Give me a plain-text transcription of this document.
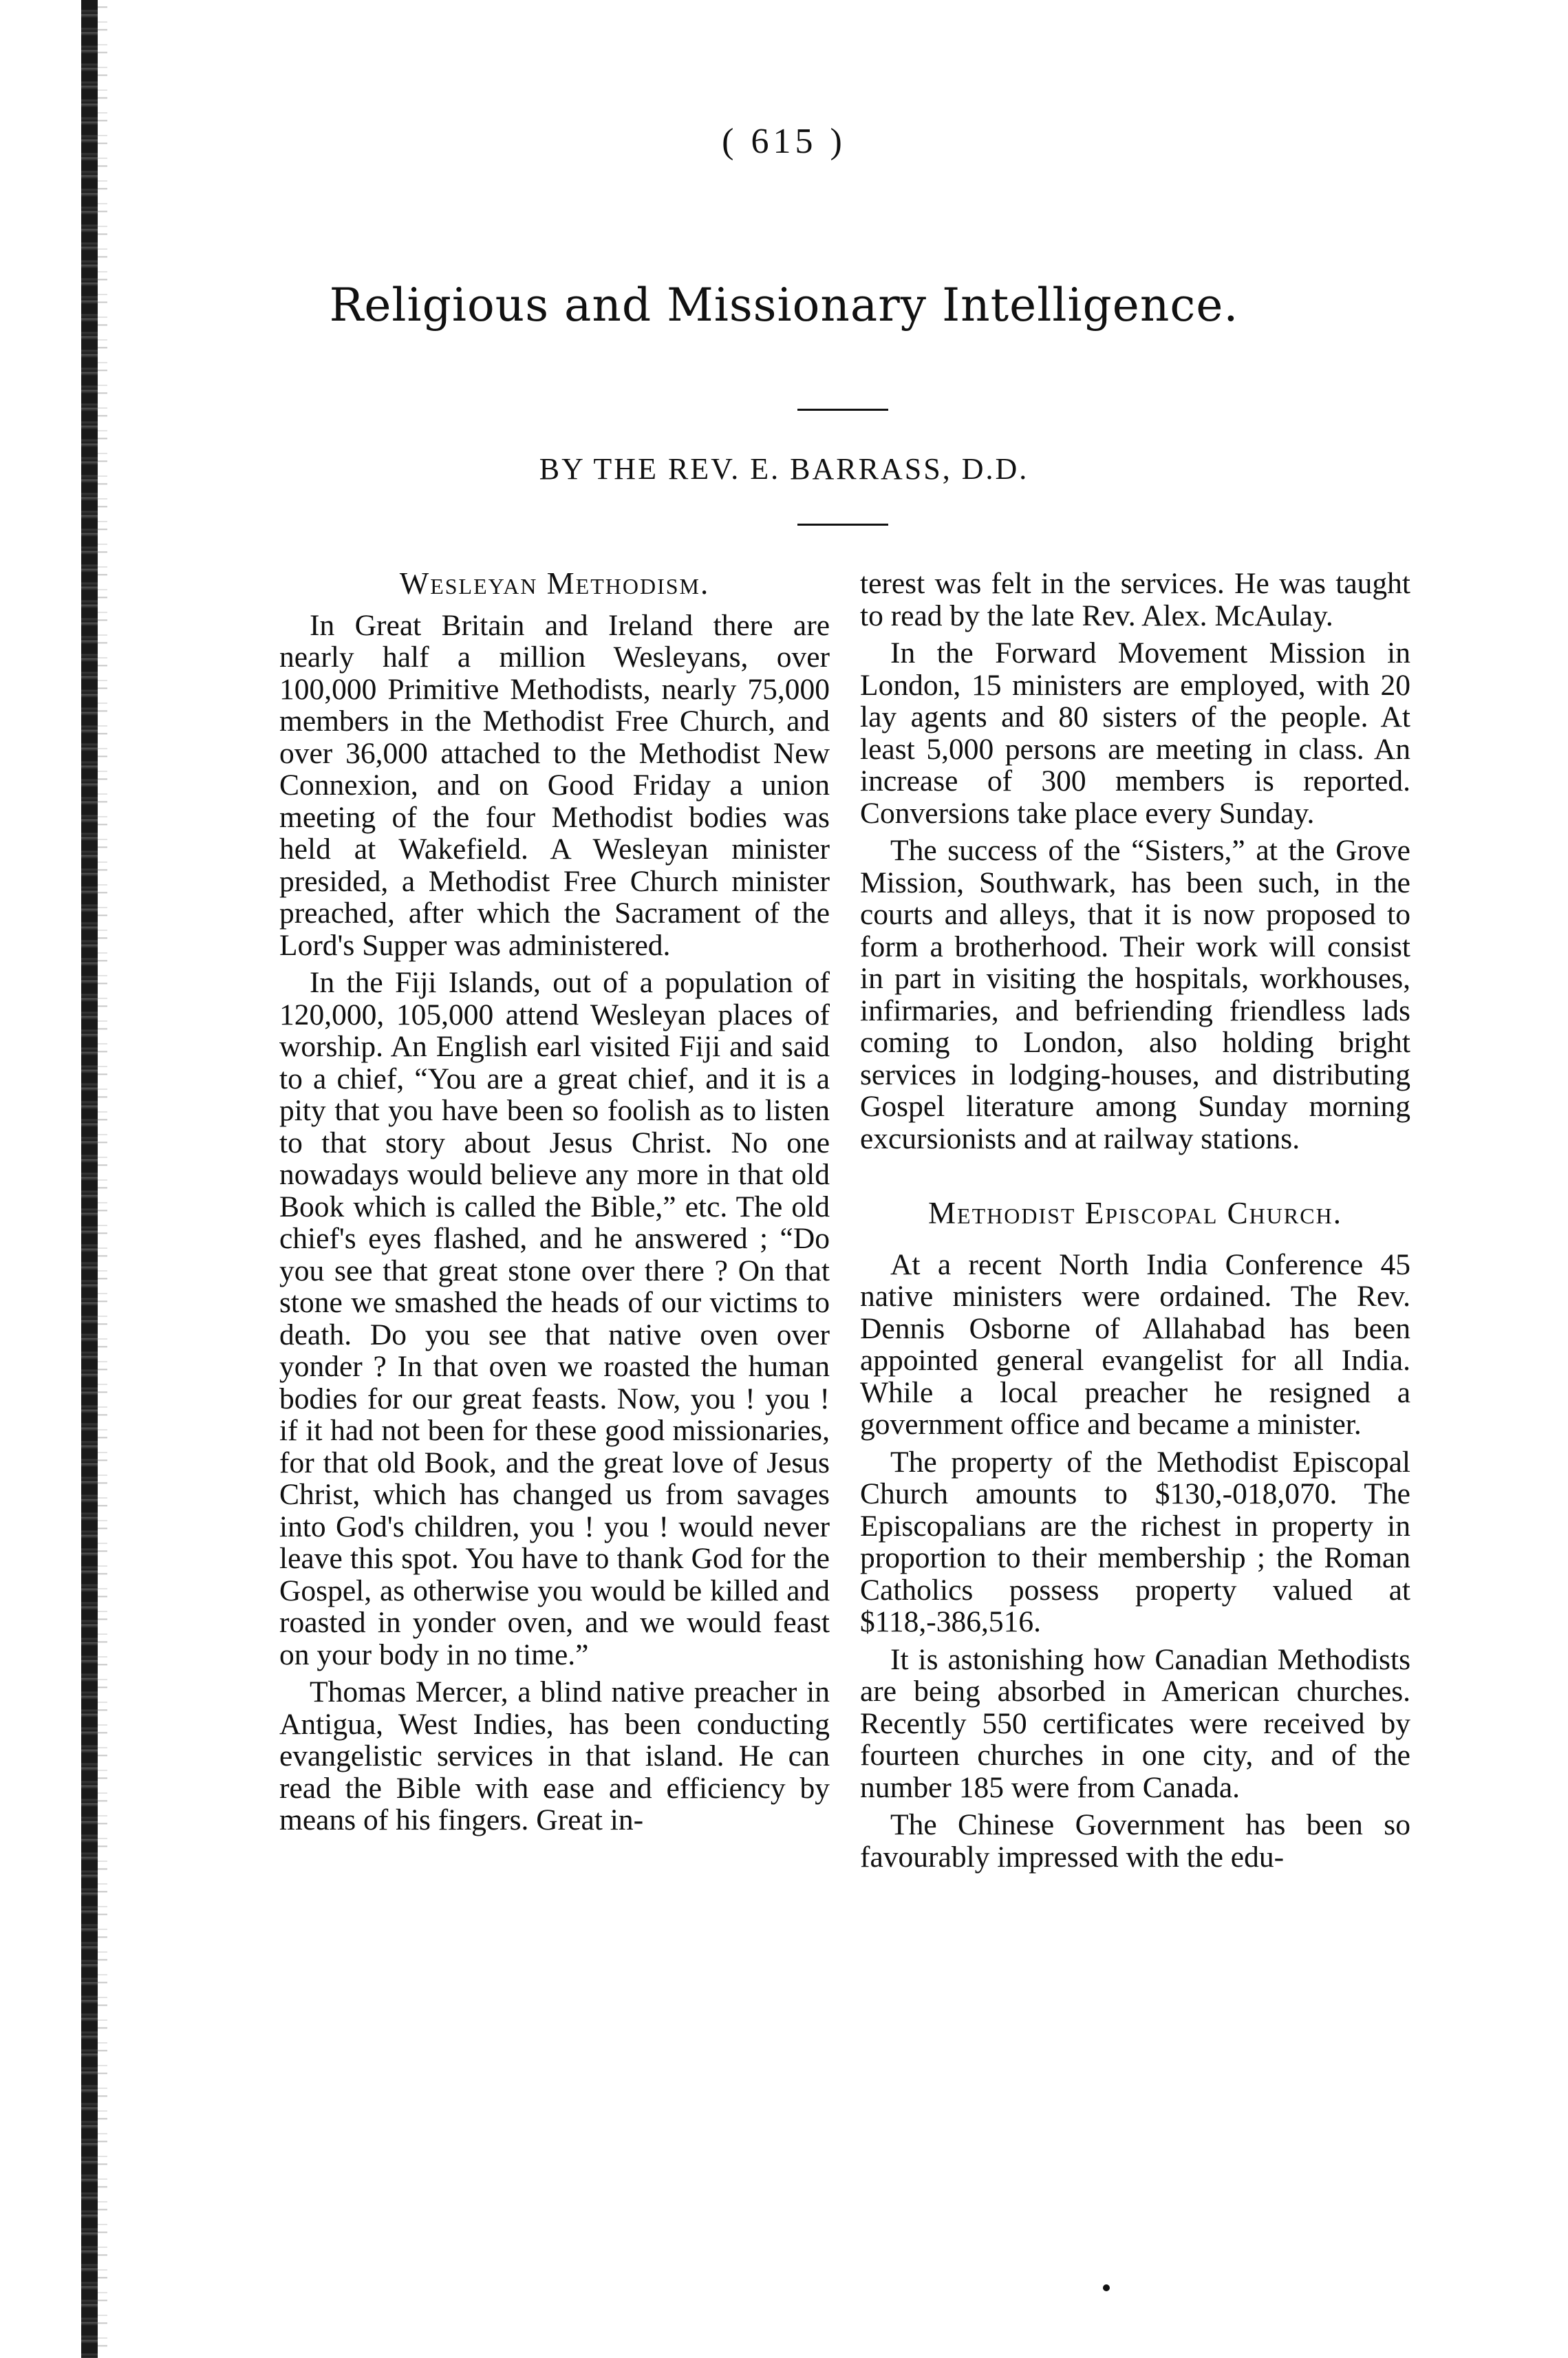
( 615 )
Religious and Missionary Intelligence.
BY THE REV. E. BARRASS, D.D.
Wesleyan Methodism.

In Great Britain and Ireland there are nearly half a million Wesleyans, over 100,000 Primitive Methodists, nearly 75,000 members in the Methodist Free Church, and over 36,000 attached to the Methodist New Connexion, and on Good Friday a union meeting of the four Methodist bodies was held at Wakefield. A Wesleyan minister presided, a Methodist Free Church minister preached, after which the Sacrament of the Lord's Supper was administered.

In the Fiji Islands, out of a population of 120,000, 105,000 attend Wesleyan places of worship. An English earl visited Fiji and said to a chief, “You are a great chief, and it is a pity that you have been so foolish as to listen to that story about Jesus Christ. No one nowadays would believe any more in that old Book which is called the Bible,” etc. The old chief's eyes flashed, and he answered ; “Do you see that great stone over there ? On that stone we smashed the heads of our victims to death. Do you see that native oven over yonder ? In that oven we roasted the human bodies for our great feasts. Now, you ! you ! if it had not been for these good missionaries, for that old Book, and the great love of Jesus Christ, which has changed us from savages into God's children, you ! you ! would never leave this spot. You have to thank God for the Gospel, as otherwise you would be killed and roasted in yonder oven, and we would feast on your body in no time.”

Thomas Mercer, a blind native preacher in Antigua, West Indies, has been conducting evangelistic services in that island. He can read the Bible with ease and efficiency by means of his fingers. Great in-

terest was felt in the services. He was taught to read by the late Rev. Alex. McAulay.

In the Forward Movement Mission in London, 15 ministers are employed, with 20 lay agents and 80 sisters of the people. At least 5,000 persons are meeting in class. An increase of 300 members is reported. Conversions take place every Sunday.

The success of the “Sisters,” at the Grove Mission, Southwark, has been such, in the courts and alleys, that it is now proposed to form a brotherhood. Their work will consist in part in visiting the hospitals, workhouses, infirmaries, and befriending friendless lads coming to London, also holding bright services in lodging-houses, and distributing Gospel literature among Sunday morning excursionists and at railway stations.

Methodist Episcopal Church.

At a recent North India Conference 45 native ministers were ordained. The Rev. Dennis Osborne of Allahabad has been appointed general evangelist for all India. While a local preacher he resigned a government office and became a minister.

The property of the Methodist Episcopal Church amounts to $130,-018,070. The Episcopalians are the richest in property in proportion to their membership ; the Roman Catholics possess property valued at $118,-386,516.

It is astonishing how Canadian Methodists are being absorbed in American churches. Recently 550 certificates were received by fourteen churches in one city, and of the number 185 were from Canada.

The Chinese Government has been so favourably impressed with the edu-
